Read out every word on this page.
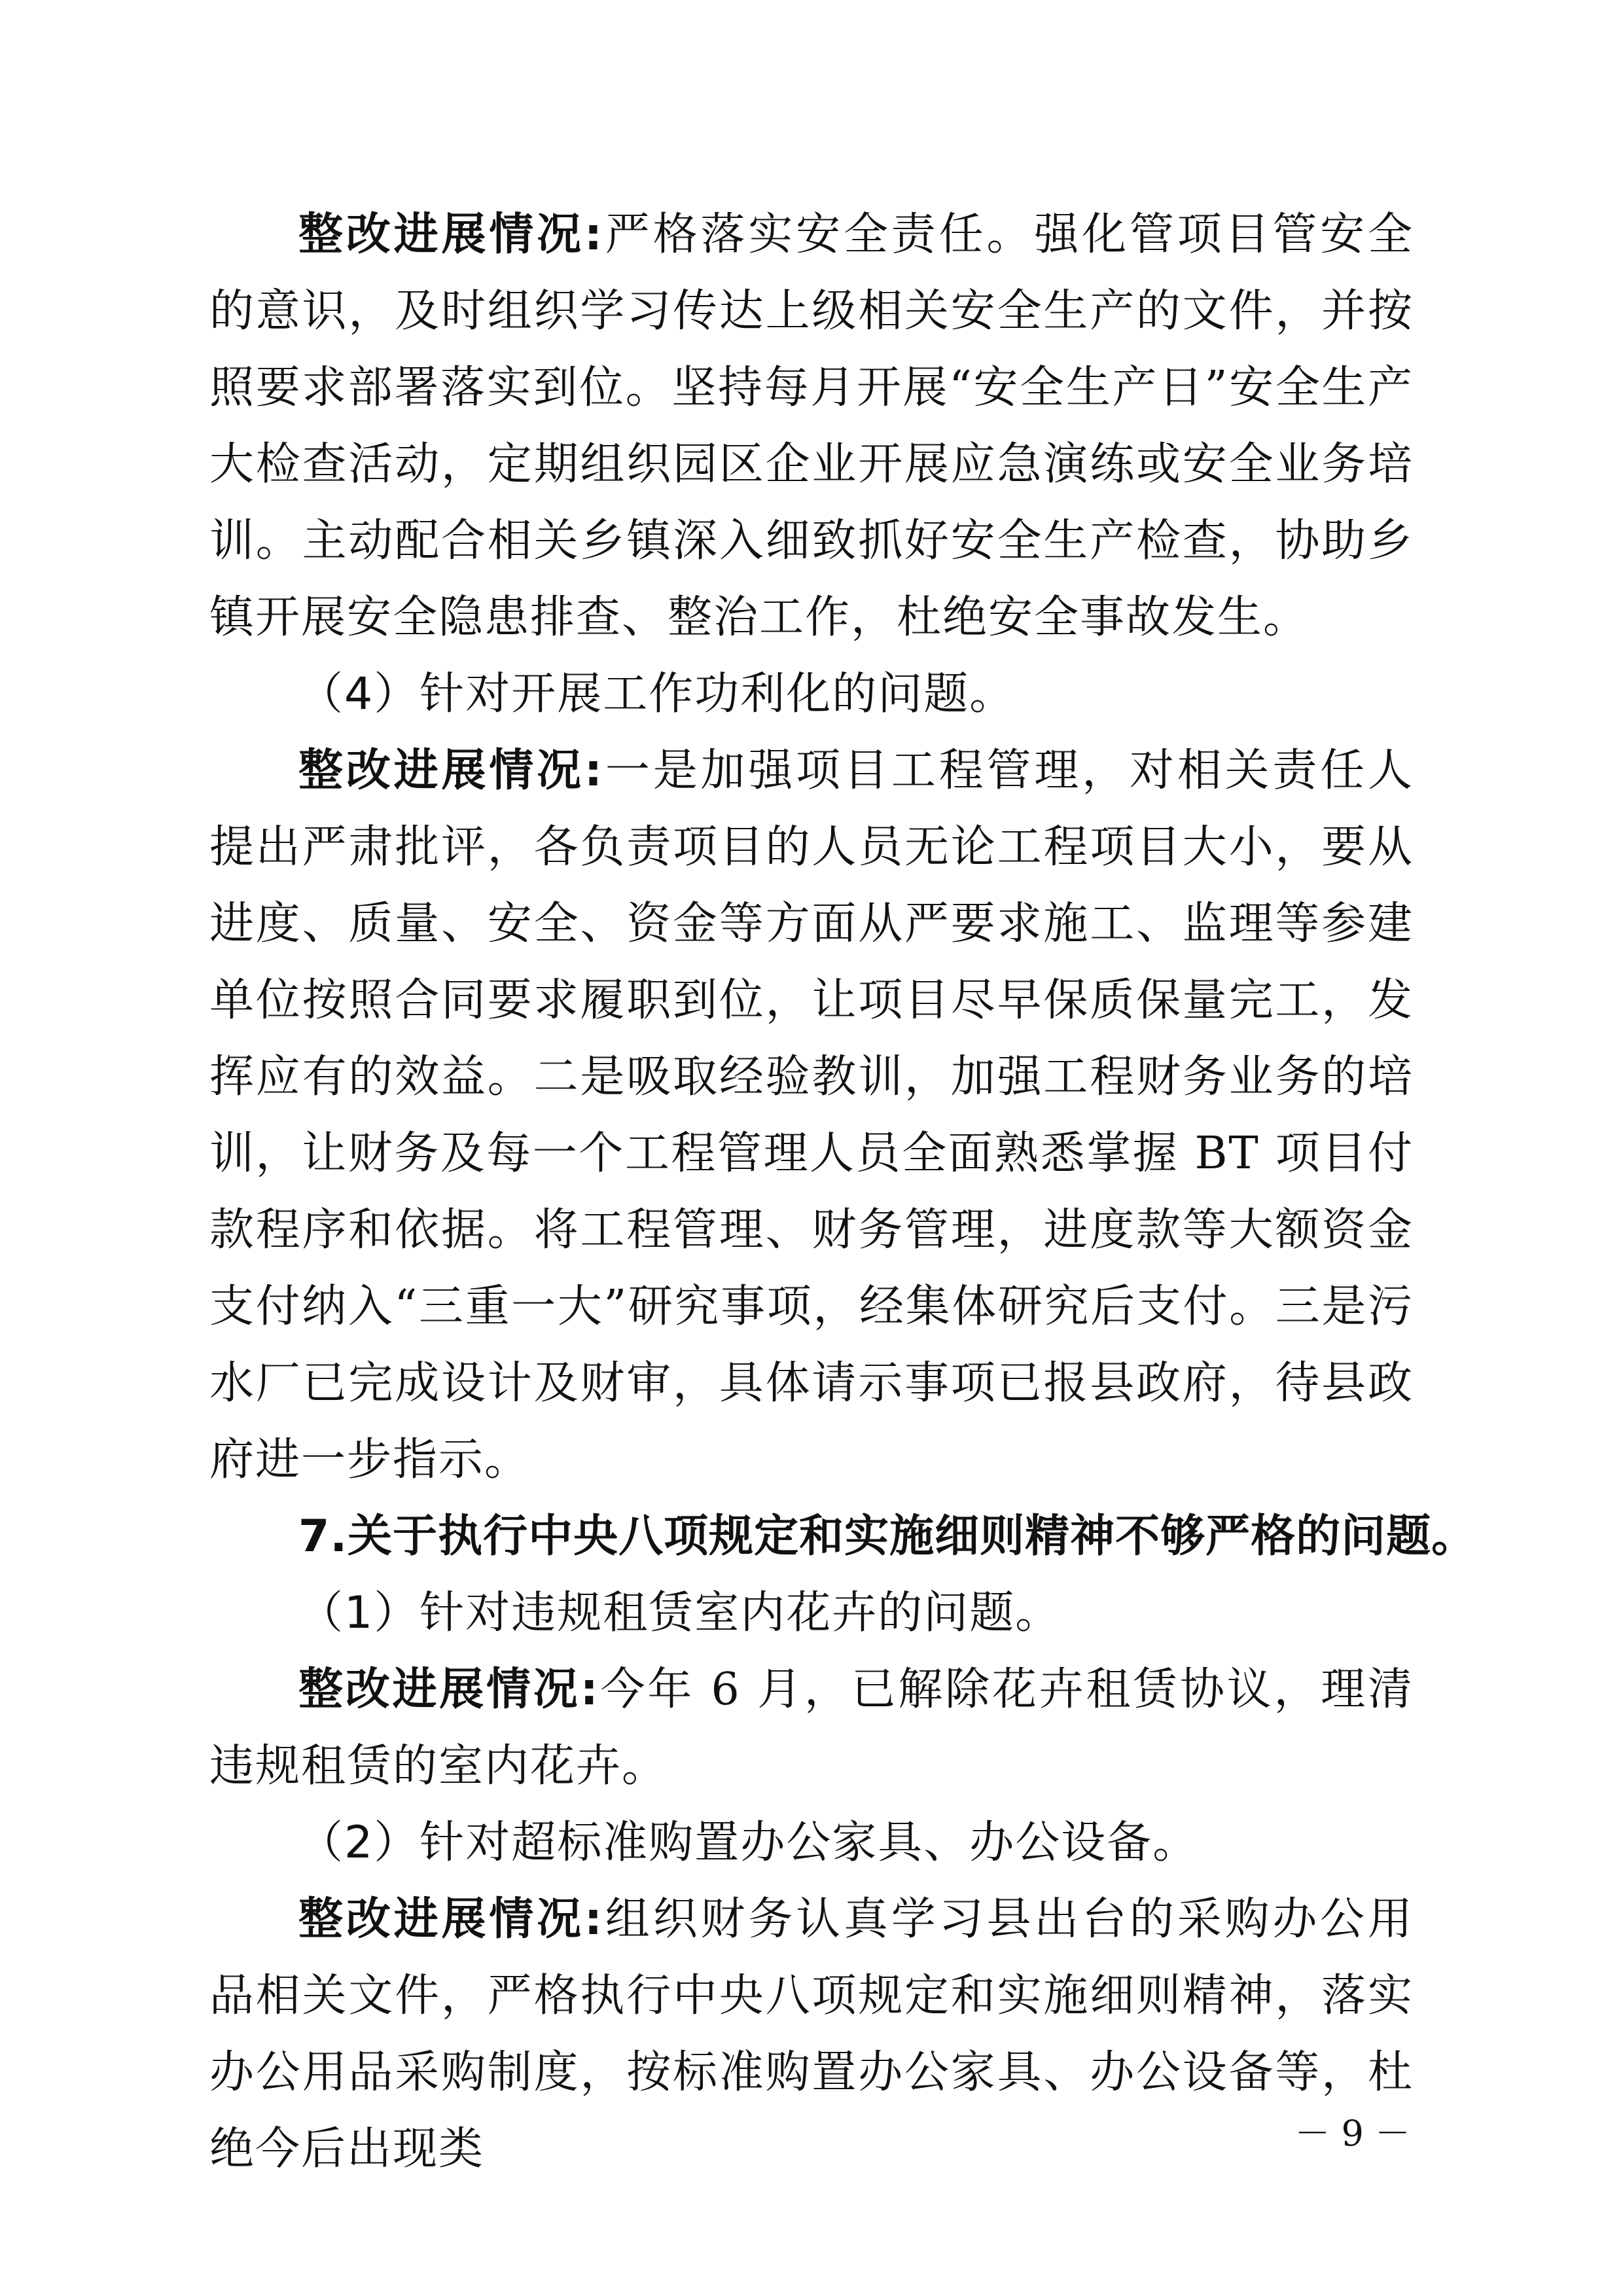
整改进展情况:严格落实安全责任。强化管项目管安全的意识，及时组织学习传达上级相关安全生产的文件，并按照要求部署落实到位。坚持每月开展“安全生产日”安全生产大检查活动，定期组织园区企业开展应急演练或安全业务培训。主动配合相关乡镇深入细致抓好安全生产检查，协助乡镇开展安全隐患排查、整治工作，杜绝安全事故发生。

（4）针对开展工作功利化的问题。

整改进展情况:一是加强项目工程管理，对相关责任人提出严肃批评，各负责项目的人员无论工程项目大小，要从进度、质量、安全、资金等方面从严要求施工、监理等参建单位按照合同要求履职到位，让项目尽早保质保量完工，发挥应有的效益。二是吸取经验教训，加强工程财务业务的培训，让财务及每一个工程管理人员全面熟悉掌握 BT 项目付款程序和依据。将工程管理、财务管理，进度款等大额资金支付纳入“三重一大”研究事项，经集体研究后支付。三是污水厂已完成设计及财审，具体请示事项已报县政府，待县政府进一步指示。

7.关于执行中央八项规定和实施细则精神不够严格的问题。

（1）针对违规租赁室内花卉的问题。

整改进展情况:今年 6 月，已解除花卉租赁协议，理清违规租赁的室内花卉。

（2）针对超标准购置办公家具、办公设备。

整改进展情况:组织财务认真学习县出台的采购办公用品相关文件，严格执行中央八项规定和实施细则精神，落实办公用品采购制度，按标准购置办公家具、办公设备等，杜绝今后出现类	－ 9 －
